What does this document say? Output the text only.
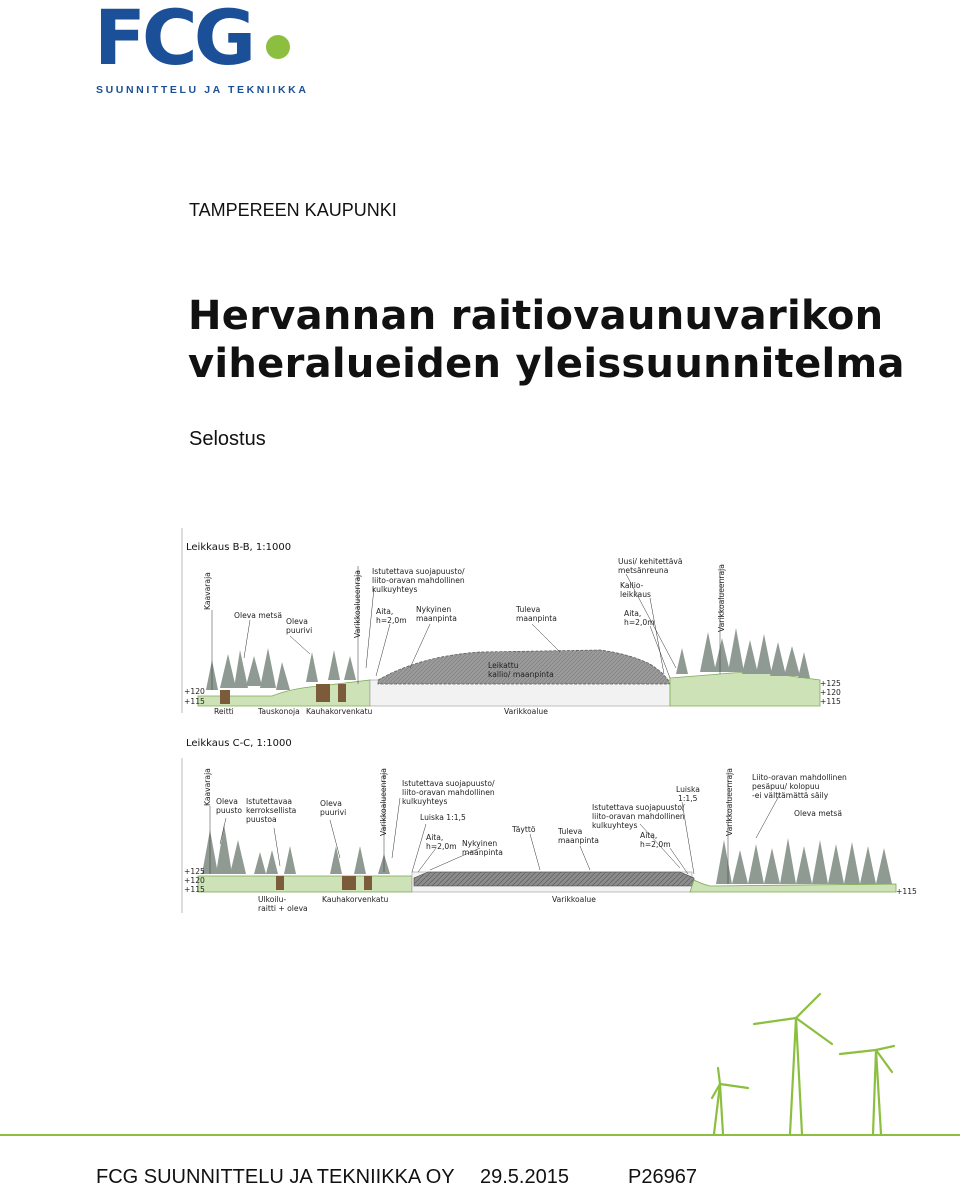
FCG
SUUNNITTELU JA TEKNIIKKA
TAMPEREEN KAUPUNKI
Hervannan raitiovaunuvarikon
viheralueiden yleissuunnitelma
Selostus
Leikkaus B-B, 1:1000
Kaavaraja	Varikkoalueenraja	Varikkoalueenraja
Oleva metsä
Oleva
puurivi
Istutettava suojapuusto/
liito-oravan mahdollinen
kulkuyhteys
Aita,
h=2,0m
Nykyinen
maanpinta
Tuleva
maanpinta
Leikattu
kallio/ maanpinta
Uusi/ kehitettävä
metsänreuna
Kallio-
leikkaus
Aita,
h=2,0m
+120
+115
+125
+120
+115
Reitti	Tauskonoja Kauhakorvenkatu	Varikkoalue
Leikkaus C-C, 1:1000
Kaavaraja	Varikkoalueenraja	Varikkoalueenraja
Oleva
puusto
Istutettavaa
kerroksellista
puustoa
Oleva
puurivi
Istutettava suojapuusto/
liito-oravan mahdollinen
kulkuyhteys
Luiska 1:1,5
Aita,
h=2,0m Nykyinen
maanpinta
Täyttö	Tuleva
maanpinta
Istutettava suojapuusto/
liito-oravan mahdollinen
kulkuyhteys
Luiska
1:1,5
Aita,
h=2,0m
Liito-oravan mahdollinen
pesäpuu/ kolopuu
-ei välttämättä säily
Oleva metsä
+125
+120
+115	+115
Ulkoilu-
raitti + oleva
Kauhakorvenkatu	Varikkoalue
FCG SUUNNITTELU JA TEKNIIKKA OY 29.5.2015	P26967
